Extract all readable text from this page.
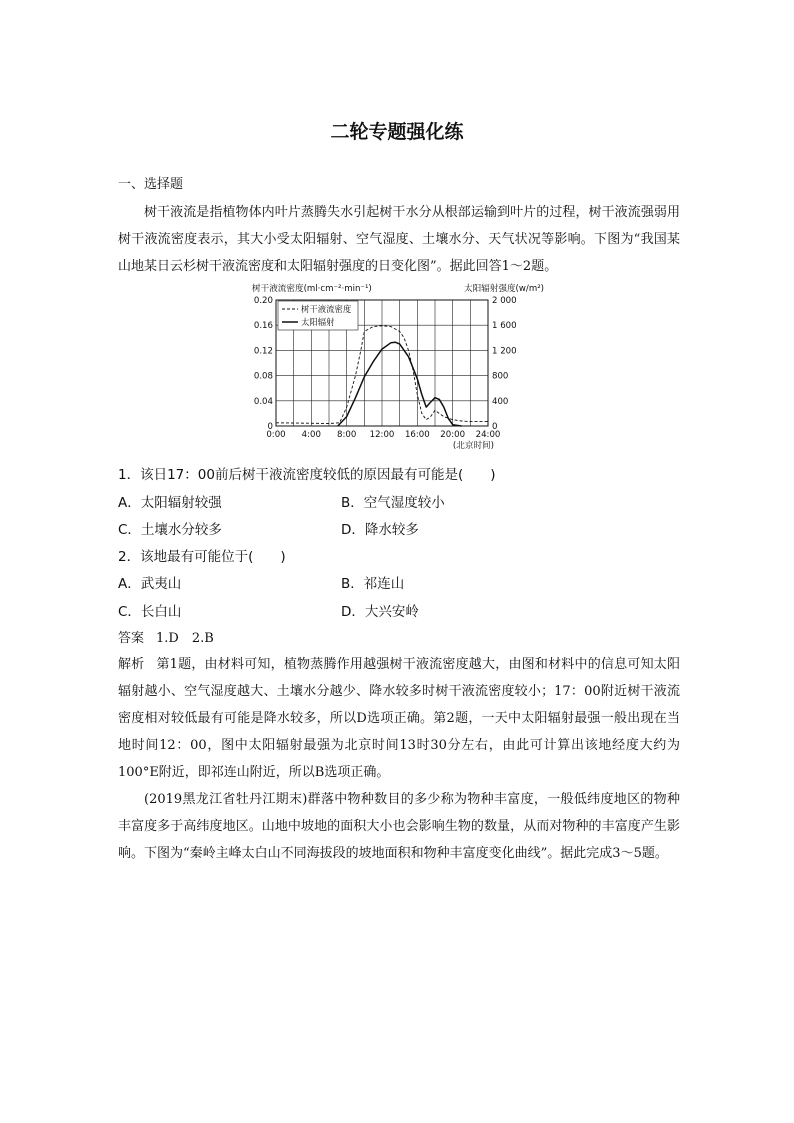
二轮专题强化练
一、选择题

树干液流是指植物体内叶片蒸腾失水引起树干水分从根部运输到叶片的过程，树干液流强弱用树干液流密度表示，其大小受太阳辐射、空气湿度、土壤水分、天气状况等影响。下图为“我国某山地某日云杉树干液流密度和太阳辐射强度的日变化图”。据此回答1～2题。

树干液流密度(ml·cm⁻²·min⁻¹)	太阳辐射强度(w/m²)
0
0.04
0.08
0.12
0.16
0.20
0
400
800
1 200
1 600
2 000
0:00 4:00 8:00 12:00 16:00 20:00 24:00
(北京时间)
树干液流密度
太阳辐射
1．该日17：00前后树干液流密度较低的原因最有可能是(　　)
A．太阳辐射较强	B．空气湿度较小
C．土壤水分较多	D．降水较多
2．该地最有可能位于(　　)
A．武夷山	B．祁连山
C．长白山	D．大兴安岭
答案 1.D　2.B

解析 第1题，由材料可知，植物蒸腾作用越强树干液流密度越大，由图和材料中的信息可知太阳辐射越小、空气湿度越大、土壤水分越少、降水较多时树干液流密度较小；17：00附近树干液流密度相对较低最有可能是降水较多，所以D选项正确。第2题，一天中太阳辐射最强一般出现在当地时间12：00，图中太阳辐射最强为北京时间13时30分左右，由此可计算出该地经度大约为100°E附近，即祁连山附近，所以B选项正确。

(2019黑龙江省牡丹江期末)群落中物种数目的多少称为物种丰富度，一般低纬度地区的物种丰富度多于高纬度地区。山地中坡地的面积大小也会影响生物的数量，从而对物种的丰富度产生影响。下图为“秦岭主峰太白山不同海拔段的坡地面积和物种丰富度变化曲线”。据此完成3～5题。
